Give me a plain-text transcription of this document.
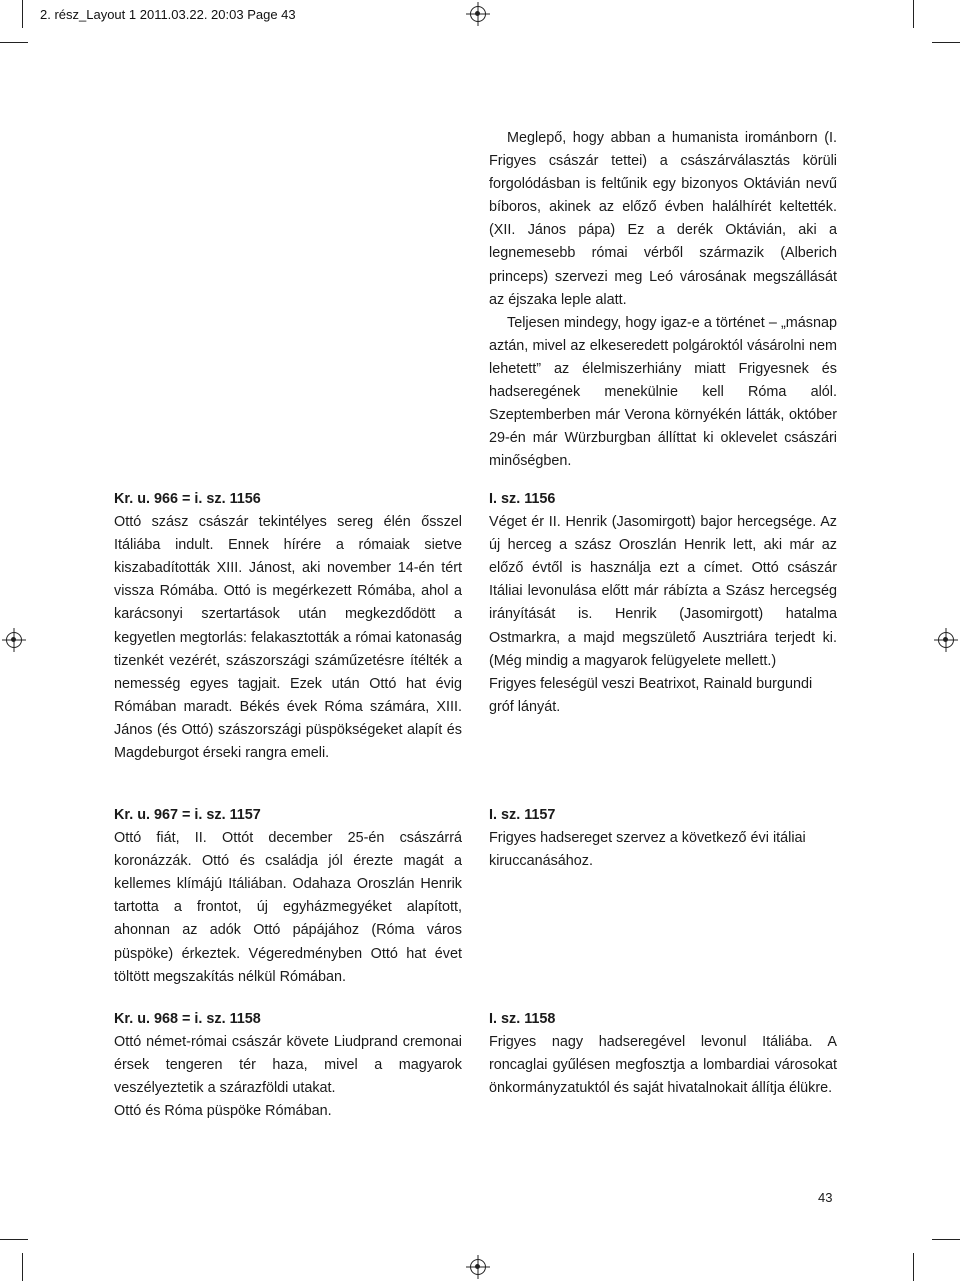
2. rész_Layout 1 2011.03.22. 20:03 Page 43

Meglepő, hogy abban a humanista irománborn (I. Frigyes császár tettei) a császárválasztás körüli forgolódásban is feltűnik egy bizonyos Oktávián nevű bíboros, akinek az előző évben halálhírét keltették. (XII. János pápa) Ez a derék Oktávián, aki a legnemesebb római vérből származik (Alberich princeps) szervezi meg Leó városának megszállását az éjszaka leple alatt.

Teljesen mindegy, hogy igaz-e a történet – „másnap aztán, mivel az elkeseredett polgároktól vásárolni nem lehetett” az élelmiszerhiány miatt Frigyesnek és hadseregének menekülnie kell Róma alól. Szeptemberben már Verona környékén látták, október 29-én már Würzburgban állíttat ki oklevelet császári minőségben.

Kr. u. 966 = i. sz. 1156

Ottó szász császár tekintélyes sereg élén ősszel Itáliába indult. Ennek hírére a rómaiak sietve kiszabadították XIII. Jánost, aki november 14-én tért vissza Rómába. Ottó is megérkezett Rómába, ahol a karácsonyi szertartások után megkezdődött a kegyetlen megtorlás: felakasztották a római katonaság tizenkét vezérét, szászországi száműzetésre ítélték a nemesség egyes tagjait. Ezek után Ottó hat évig Rómában maradt. Békés évek Róma számára, XIII. János (és Ottó) szászországi püspökségeket alapít és Magdeburgot érseki rangra emeli.

I. sz. 1156

Véget ér II. Henrik (Jasomirgott) bajor hercegsége. Az új herceg a szász Oroszlán Henrik lett, aki már az előző évtől is használja ezt a címet. Ottó császár Itáliai levonulása előtt már rábízta a Szász hercegség irányítását is. Henrik (Jasomirgott) hatalma Ostmarkra, a majd megszülető Ausztriára terjedt ki. (Még mindig a magyarok felügyelete mellett.)

Frigyes feleségül veszi Beatrixot, Rainald burgundi gróf lányát.

Kr. u. 967 = i. sz. 1157

Ottó fiát, II. Ottót december 25-én császárrá koronázzák. Ottó és családja jól érezte magát a kellemes klímájú Itáliában. Odahaza Oroszlán Henrik tartotta a frontot, új egyházmegyéket alapított, ahonnan az adók Ottó pápájához (Róma város püspöke) érkeztek. Végeredményben Ottó hat évet töltött megszakítás nélkül Rómában.

I. sz. 1157

Frigyes hadsereget szervez a következő évi itáliai kiruccanásához.

Kr. u. 968 = i. sz. 1158

Ottó német-római császár követe Liudprand cremonai érsek tengeren tér haza, mivel a magyarok veszélyeztetik a szárazföldi utakat.

Ottó és Róma püspöke Rómában.

I. sz. 1158

Frigyes nagy hadseregével levonul Itáliába. A roncaglai gyűlésen megfosztja a lombardiai városokat önkormányzatuktól és saját hivatalnokait állítja élükre.

43
